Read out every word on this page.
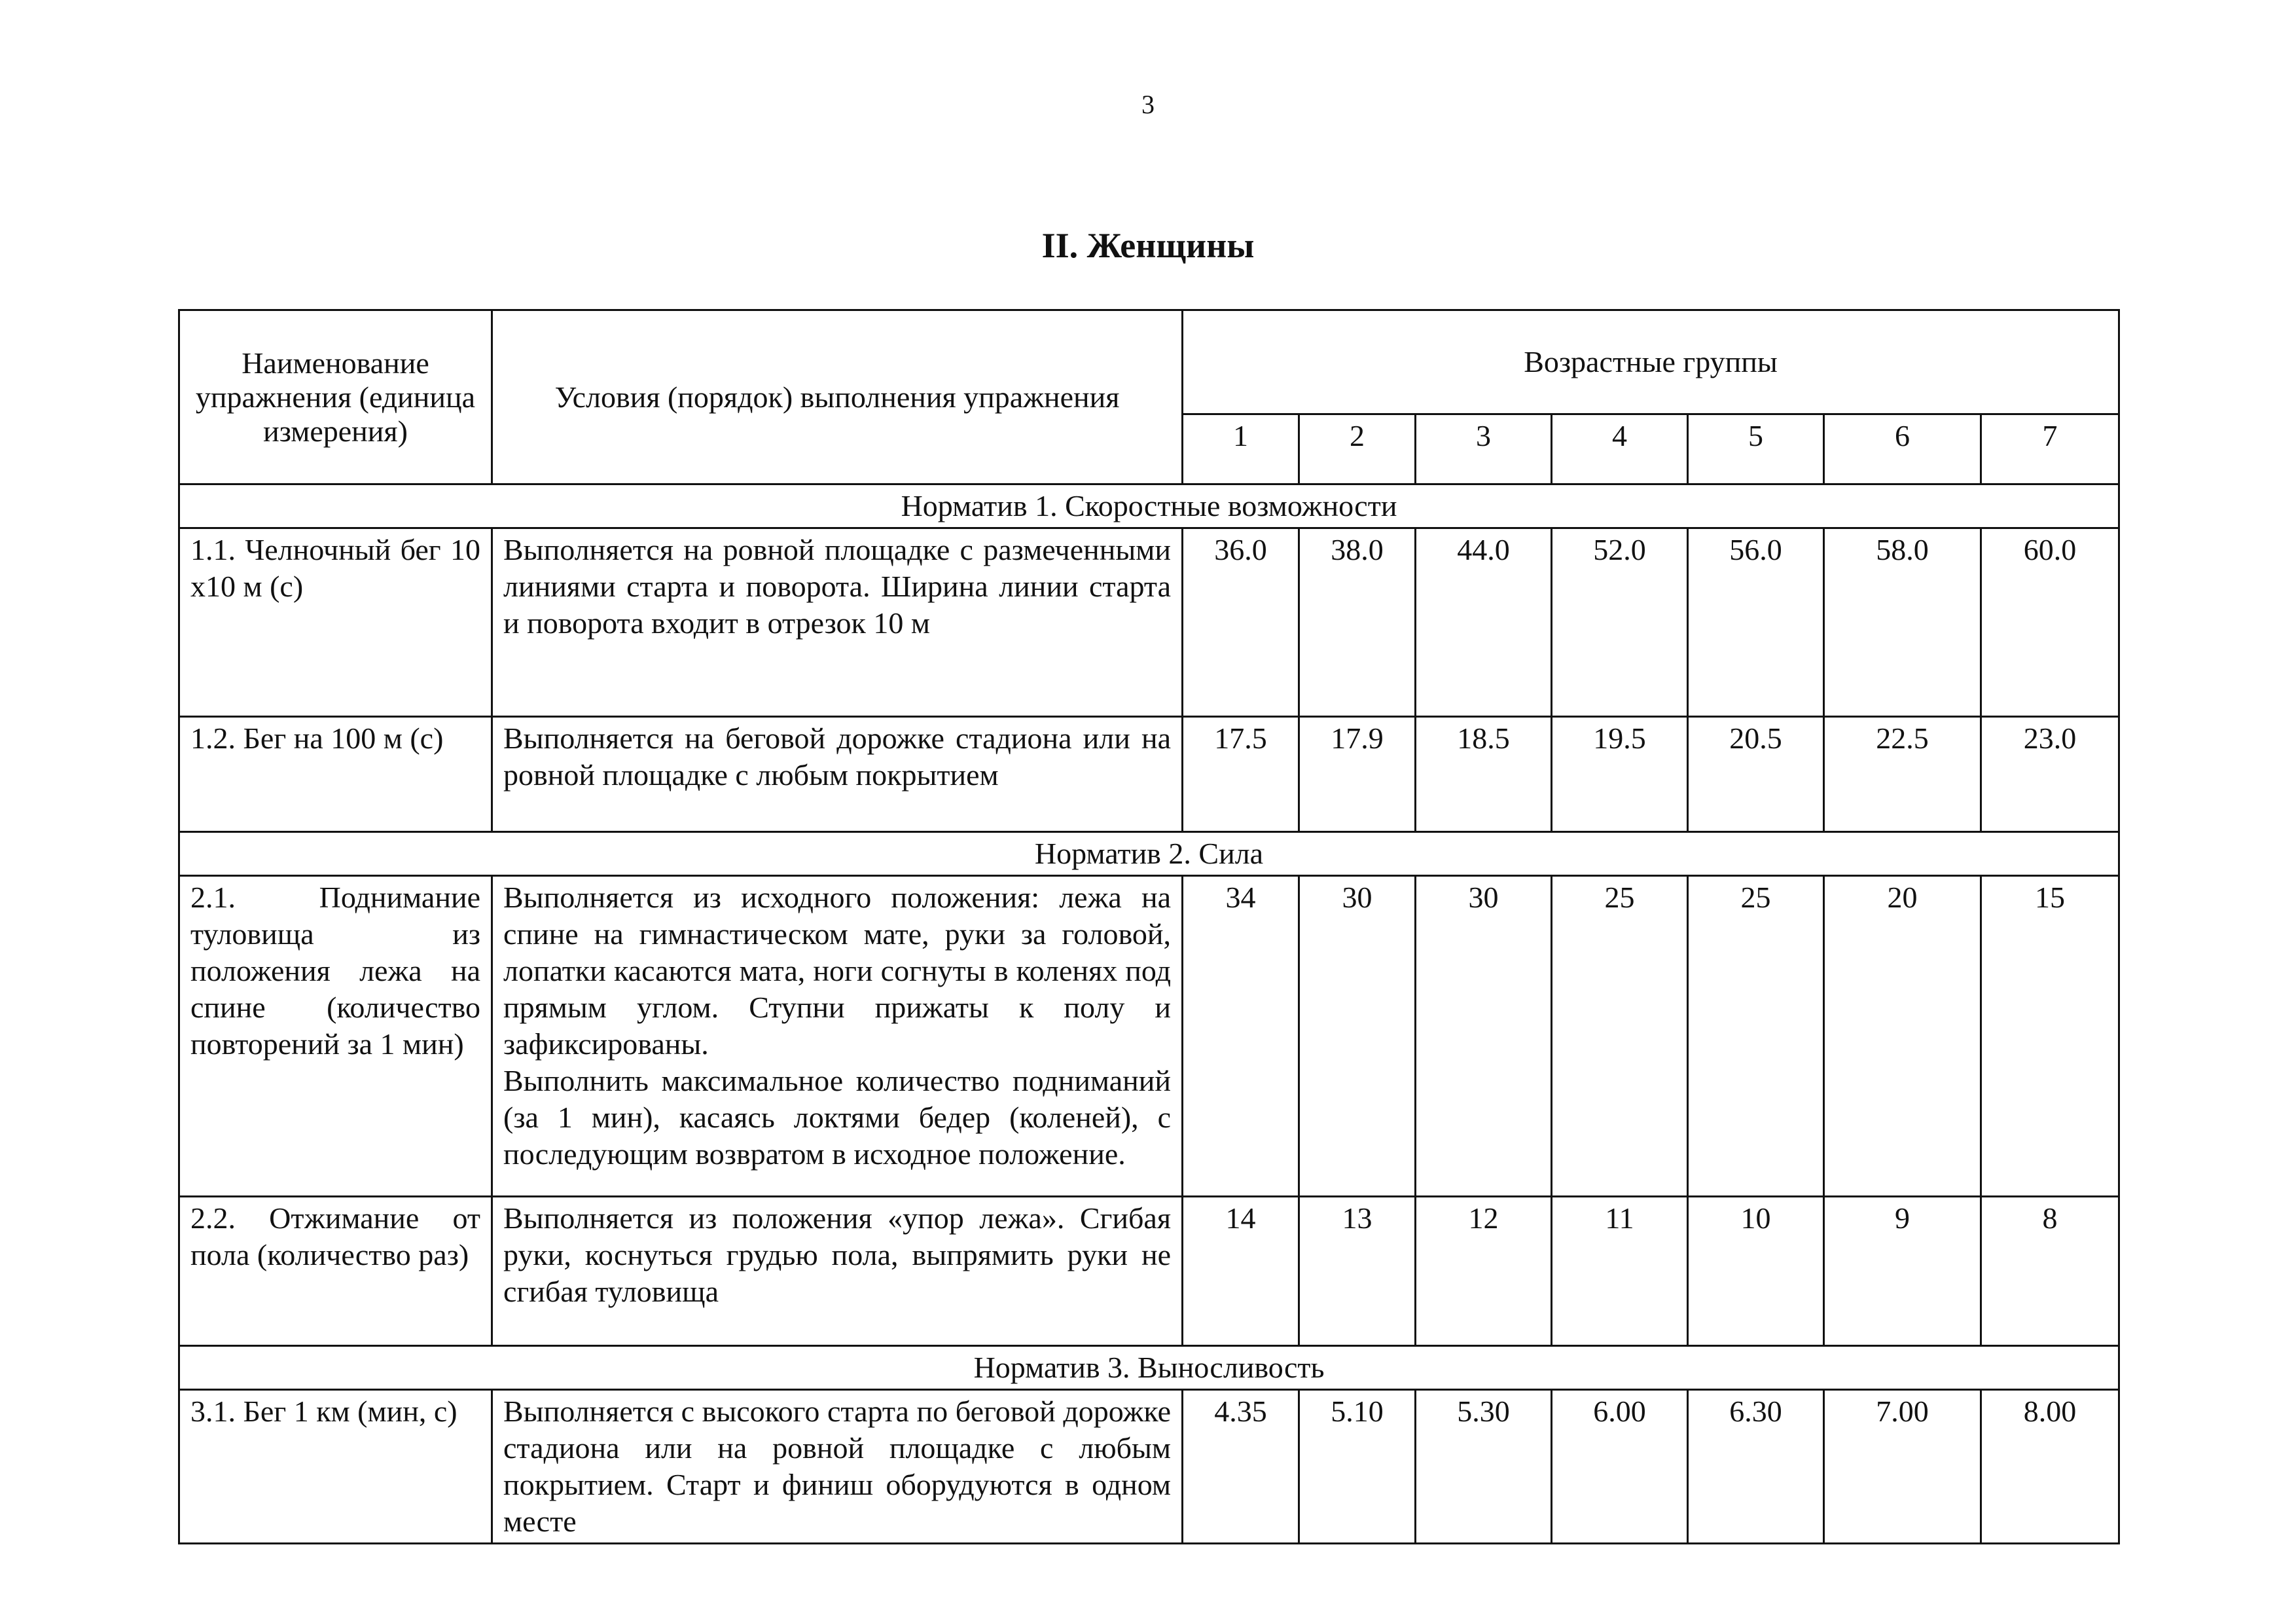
3
II. Женщины
Наименование упражнения (единица измерения)	Условия (порядок) выполнения упражнения	Возрастные группы						
		1	2	3	4	5	6	7
Норматив 1. Скоростные возможности								
1.1. Челночный бег 10 х10 м (с)	Выполняется на ровной площадке с размеченными линиями старта и поворота. Ширина линии старта и поворота входит в отрезок 10 м	36.0	38.0	44.0	52.0	56.0	58.0	60.0
1.2. Бег на 100 м (с)	Выполняется на беговой дорожке стадиона или на ровной площадке с любым покрытием	17.5	17.9	18.5	19.5	20.5	22.5	23.0
Норматив 2. Сила								
2.1. Поднимание туловища из положения лежа на спине (количество повторений за 1 мин)	Выполняется из исходного положения: лежа на спине на гимнастическом мате, руки за головой, лопатки касаются мата, ноги согнуты в коленях под прямым углом. Ступни прижаты к полу и зафиксированы.
Выполнить максимальное количество подниманий (за 1 мин), касаясь локтями бедер (коленей), с последующим возвратом в исходное положение.	34	30	30	25	25	20	15
2.2. Отжимание от пола (количество раз)	Выполняется из положения «упор лежа». Сгибая руки, коснуться грудью пола, выпрямить руки не сгибая туловища	14	13	12	11	10	9	8
Норматив 3. Выносливость								
3.1. Бег 1 км (мин, с)	Выполняется с высокого старта по беговой дорожке стадиона или на ровной площадке с любым покрытием. Старт и финиш оборудуются в одном месте	4.35	5.10	5.30	6.00	6.30	7.00	8.00
